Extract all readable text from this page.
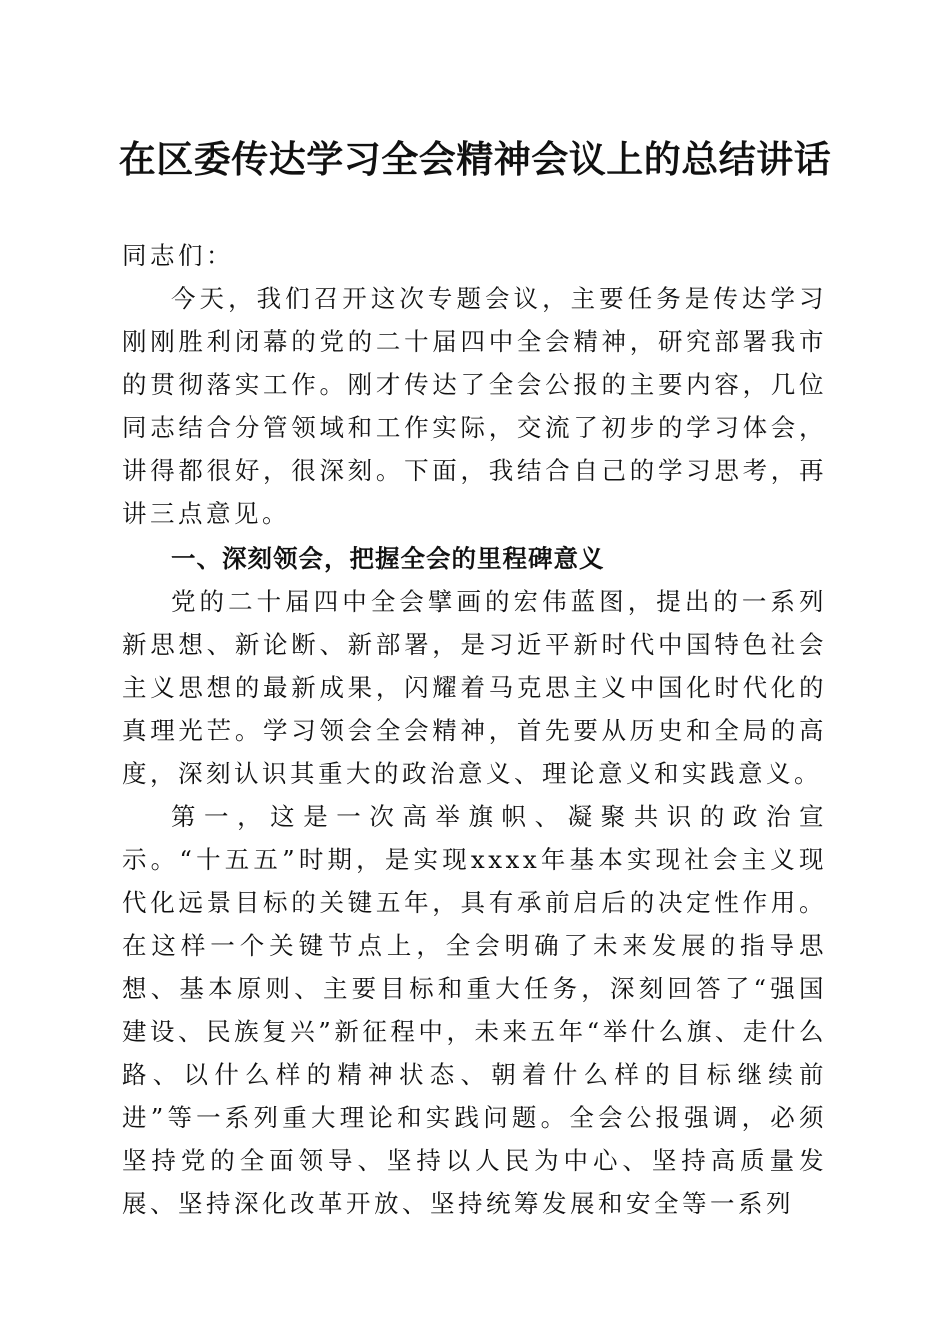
在区委传达学习全会精神会议上的总结讲话

同志们：

今天，我们召开这次专题会议，主要任务是传达学习刚刚胜利闭幕的党的二十届四中全会精神，研究部署我市的贯彻落实工作。刚才传达了全会公报的主要内容，几位同志结合分管领域和工作实际，交流了初步的学习体会，讲得都很好，很深刻。下面，我结合自己的学习思考，再讲三点意见。

一、深刻领会，把握全会的里程碑意义

党的二十届四中全会擘画的宏伟蓝图，提出的一系列新思想、新论断、新部署，是习近平新时代中国特色社会主义思想的最新成果，闪耀着马克思主义中国化时代化的真理光芒。学习领会全会精神，首先要从历史和全局的高度，深刻认识其重大的政治意义、理论意义和实践意义。

第一，这是一次高举旗帜、凝聚共识的政治宣示。“十五五”时期，是实现xxxx年基本实现社会主义现代化远景目标的关键五年，具有承前启后的决定性作用。在这样一个关键节点上，全会明确了未来发展的指导思想、基本原则、主要目标和重大任务，深刻回答了“强国建设、民族复兴”新征程中，未来五年“举什么旗、走什么路、以什么样的精神状态、朝着什么样的目标继续前进”等一系列重大理论和实践问题。全会公报强调，必须坚持党的全面领导、坚持以人民为中心、坚持高质量发展、坚持深化改革开放、坚持统筹发展和安全等一系列
